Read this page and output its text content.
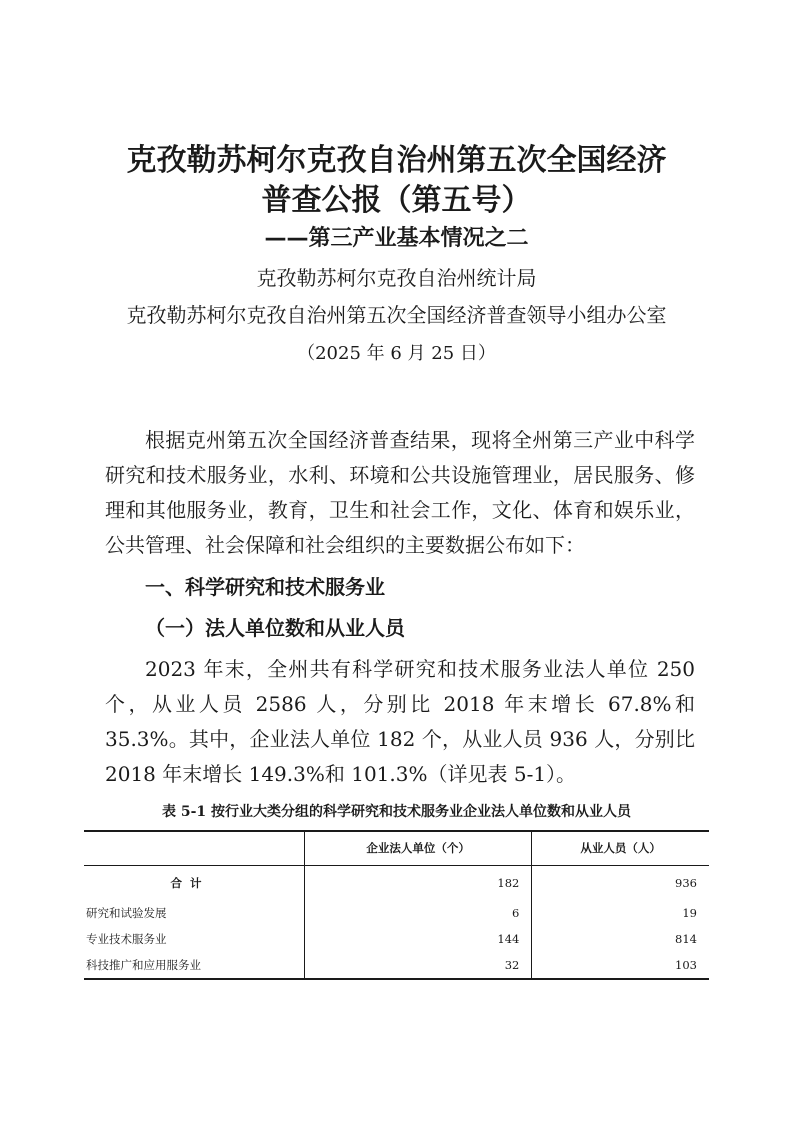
克孜勒苏柯尔克孜自治州第五次全国经济
普查公报（第五号）
——第三产业基本情况之二
克孜勒苏柯尔克孜自治州统计局
克孜勒苏柯尔克孜自治州第五次全国经济普查领导小组办公室
（2025 年 6 月 25 日）

根据克州第五次全国经济普查结果，现将全州第三产业中科学研究和技术服务业，水利、环境和公共设施管理业，居民服务、修理和其他服务业，教育，卫生和社会工作，文化、体育和娱乐业，公共管理、社会保障和社会组织的主要数据公布如下：

一、科学研究和技术服务业
（一）法人单位数和从业人员

2023 年末，全州共有科学研究和技术服务业法人单位 250 个，从业人员 2586 人，分别比 2018 年末增长 67.8%和 35.3%。其中，企业法人单位 182 个，从业人员 936 人，分别比 2018 年末增长 149.3%和 101.3%（详见表 5-1）。

表 5-1 按行业大类分组的科学研究和技术服务业企业法人单位数和从业人员
	企业法人单位（个）	从业人员（人）
合计	182	936
研究和试验发展	6	19
专业技术服务业	144	814
科技推广和应用服务业	32	103
